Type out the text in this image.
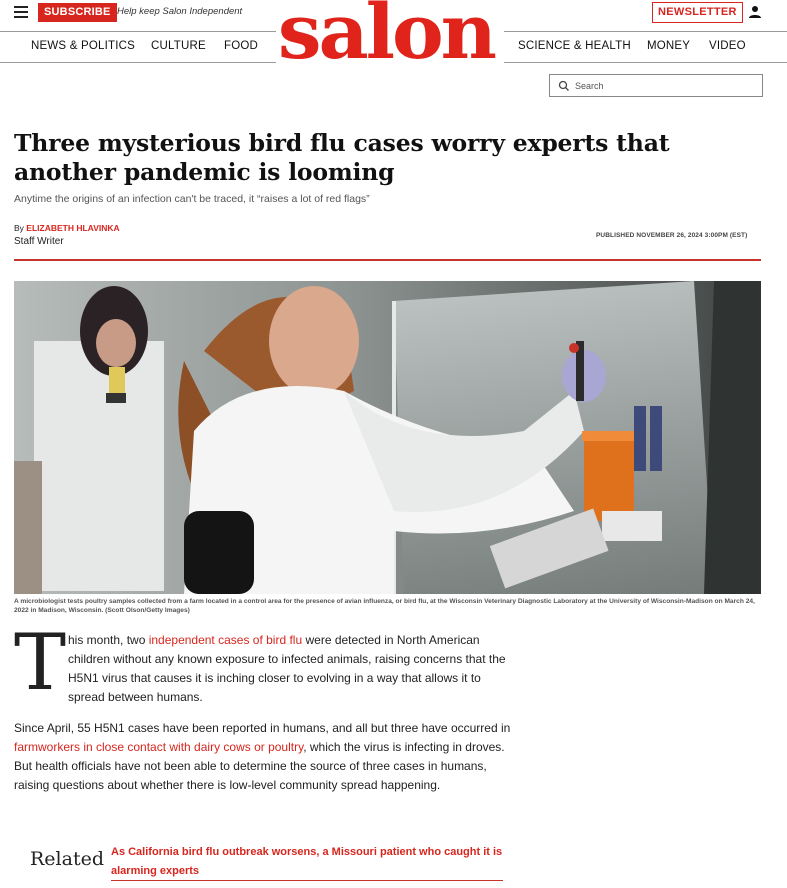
SUBSCRIBE Help keep Salon Independent	NEWSLETTER
NEWS & POLITICS CULTURE FOOD	SCIENCE & HEALTH MONEY VIDEO
salon
Search
Three mysterious bird flu cases worry experts that another pandemic is looming
Anytime the origins of an infection can't be traced, it “raises a lot of red flags”
By ELIZABETH HLAVINKA
Staff Writer
PUBLISHED NOVEMBER 26, 2024 3:00PM (EST)
A microbiologist tests poultry samples collected from a farm located in a control area for the presence of avian influenza, or bird flu, at the Wisconsin Veterinary Diagnostic Laboratory at the University of Wisconsin-Madison on March 24, 2022 in Madison, Wisconsin. (Scott Olson/Getty Images)
T his month, two independent cases of bird flu were detected in North American children without any known exposure to infected animals, raising concerns that the H5N1 virus that causes it is inching closer to evolving in a way that allows it to spread between humans.

Since April, 55 H5N1 cases have been reported in humans, and all but three have occurred in farmworkers in close contact with dairy cows or poultry, which the virus is infecting in droves. But health officials have not been able to determine the source of three cases in humans, raising questions about whether there is low-level community spread happening.

Related As California bird flu outbreak worsens, a Missouri patient who caught it is alarming experts
